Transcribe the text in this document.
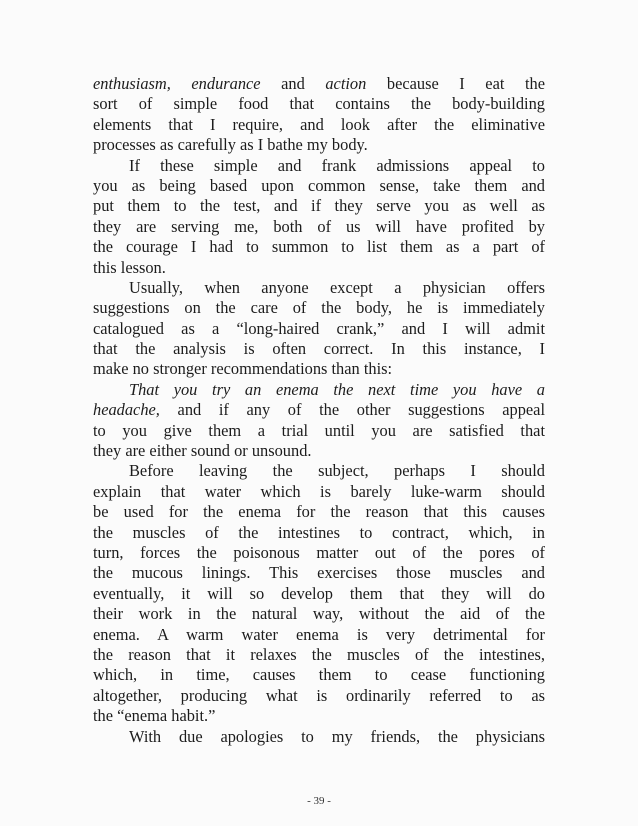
enthusiasm, endurance and action because I eat the
sort of simple food that contains the body-building
elements that I require, and look after the eliminative
processes as carefully as I bathe my body.
If these simple and frank admissions appeal to
you as being based upon common sense, take them and
put them to the test, and if they serve you as well as
they are serving me, both of us will have profited by
the courage I had to summon to list them as a part of
this lesson.
Usually, when anyone except a physician offers
suggestions on the care of the body, he is immediately
catalogued as a “long-haired crank,” and I will admit
that the analysis is often correct. In this instance, I
make no stronger recommendations than this:
That you try an enema the next time you have a
headache, and if any of the other suggestions appeal
to you give them a trial until you are satisfied that
they are either sound or unsound.
Before leaving the subject, perhaps I should
explain that water which is barely luke-warm should
be used for the enema for the reason that this causes
the muscles of the intestines to contract, which, in
turn, forces the poisonous matter out of the pores of
the mucous linings. This exercises those muscles and
eventually, it will so develop them that they will do
their work in the natural way, without the aid of the
enema. A warm water enema is very detrimental for
the reason that it relaxes the muscles of the intestines,
which, in time, causes them to cease functioning
altogether, producing what is ordinarily referred to as
the “enema habit.”
With due apologies to my friends, the physicians
- 39 -
